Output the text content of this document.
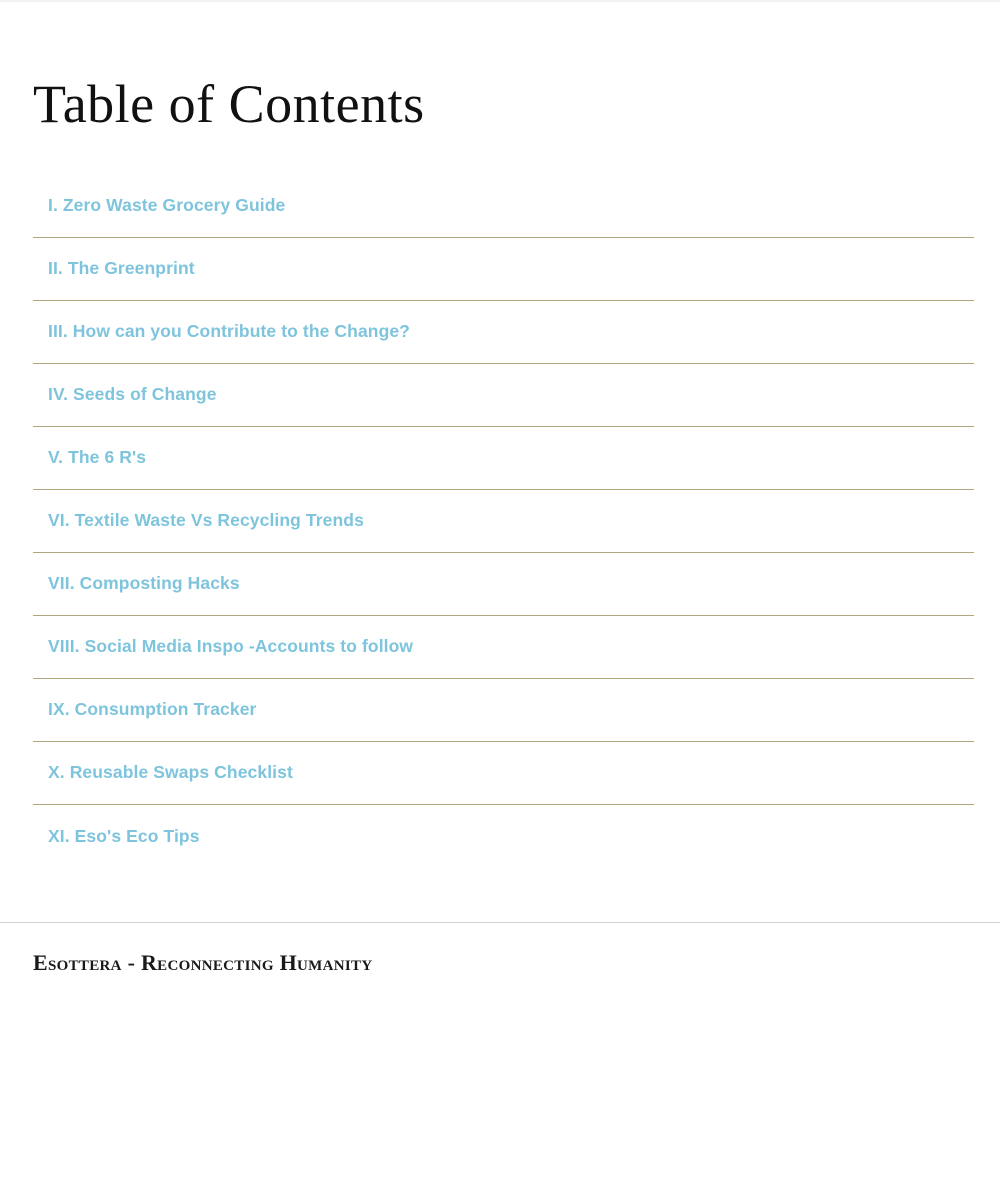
Table of Contents
I. Zero Waste Grocery Guide
II. The Greenprint
III. How can you Contribute to the Change?
IV. Seeds of Change
V. The 6 R's
VI. Textile Waste Vs Recycling Trends
VII. Composting Hacks
VIII. Social Media Inspo - Accounts to follow
IX. Consumption Tracker
X. Reusable Swaps Checklist
XI. Eso's Eco Tips
Esottera - Reconnecting Humanity
